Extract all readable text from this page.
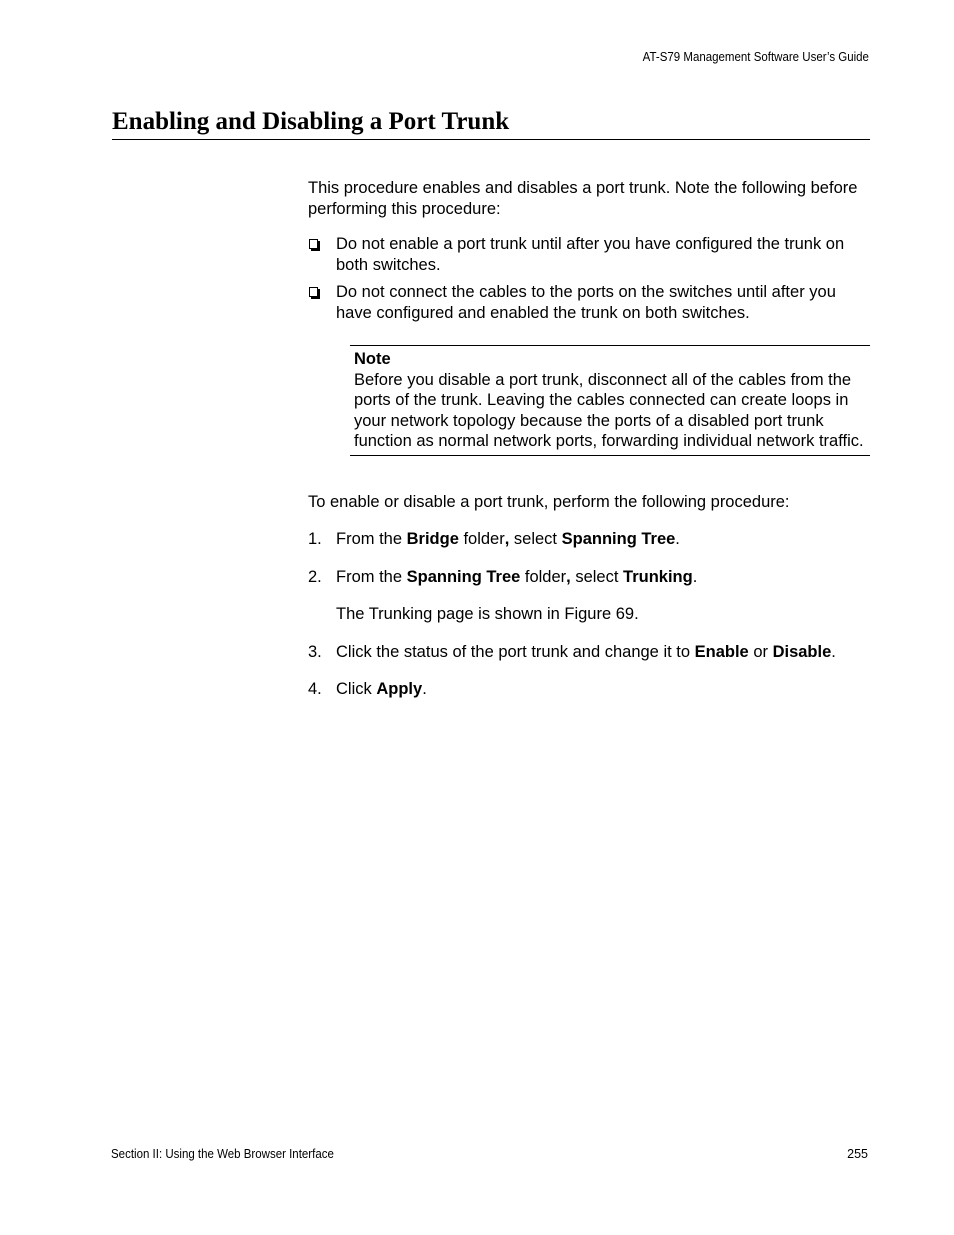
AT-S79 Management Software User’s Guide
Enabling and Disabling a Port Trunk

This procedure enables and disables a port trunk. Note the following before performing this procedure:

Do not enable a port trunk until after you have configured the trunk on both switches.
Do not connect the cables to the ports on the switches until after you have configured and enabled the trunk on both switches.
Note
Before you disable a port trunk, disconnect all of the cables from the ports of the trunk. Leaving the cables connected can create loops in your network topology because the ports of a disabled port trunk function as normal network ports, forwarding individual network traffic.

To enable or disable a port trunk, perform the following procedure:

1. From the Bridge folder, select Spanning Tree.
2. From the Spanning Tree folder, select Trunking.

The Trunking page is shown in Figure 69.

3. Click the status of the port trunk and change it to Enable or Disable.
4. Click Apply.
Section II: Using the Web Browser Interface	255
